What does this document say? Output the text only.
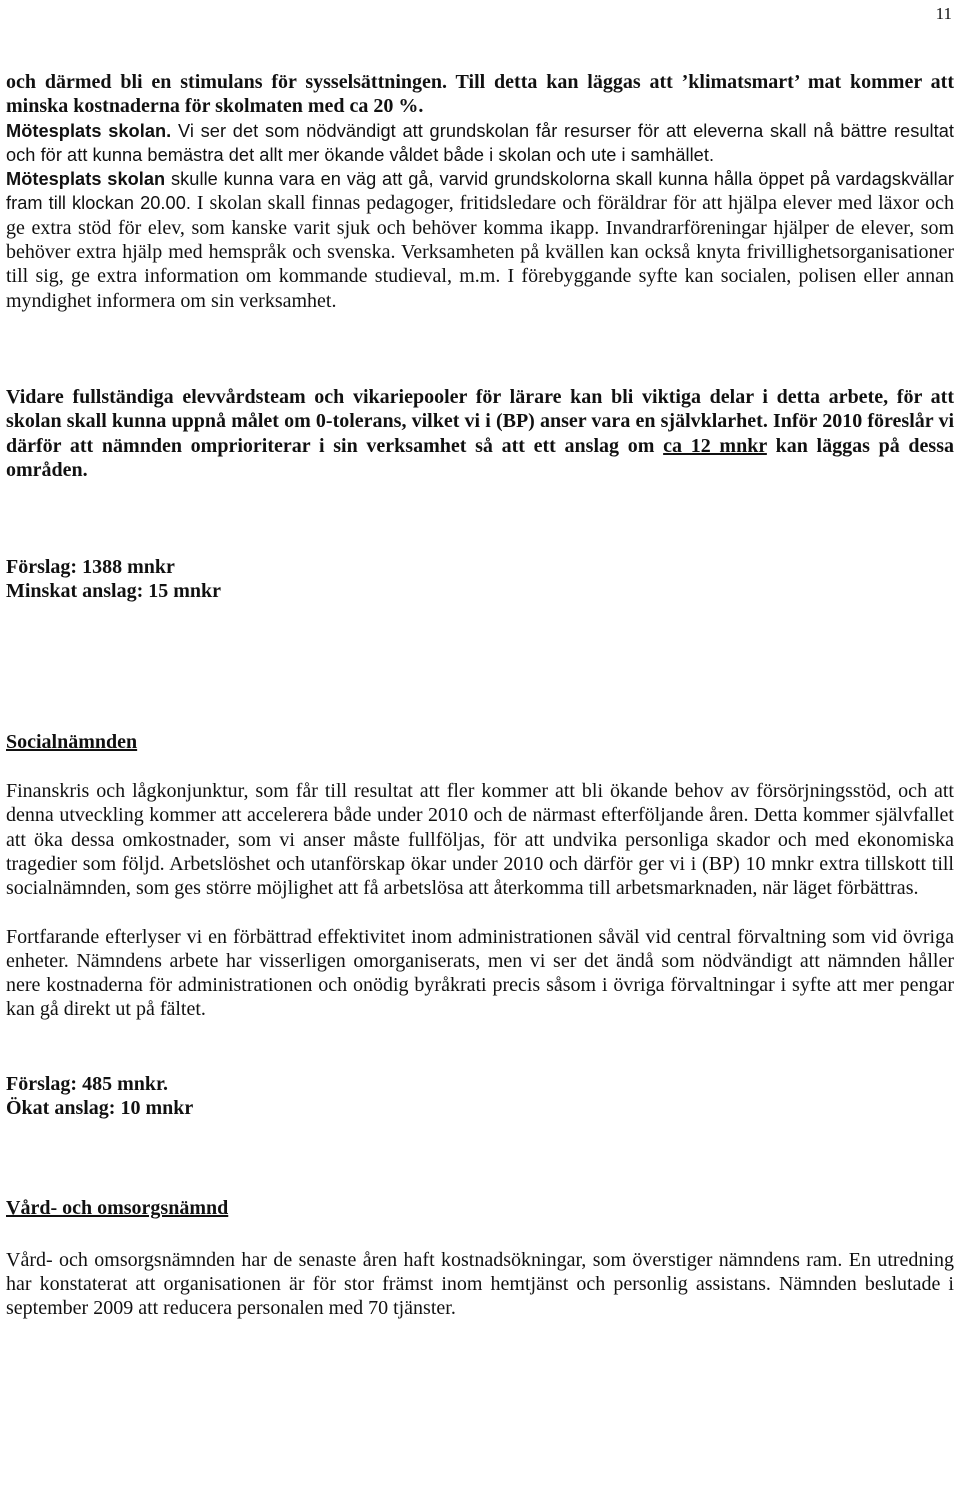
11

och därmed bli en stimulans för sysselsättningen. Till detta kan läggas att ’klimatsmart’ mat kommer att minska kostnaderna för skolmaten med ca 20 %.

Mötesplats skolan. Vi ser det som nödvändigt att grundskolan får resurser för att eleverna skall nå bättre resultat och för att kunna bemästra det allt mer ökande våldet både i skolan och ute i samhället.

Mötesplats skolan skulle kunna vara en väg att gå, varvid grundskolorna skall kunna hålla öppet på vardagskvällar fram till klockan 20.00. I skolan skall finnas pedagoger, fritidsledare och föräldrar för att hjälpa elever med läxor och ge extra stöd för elev, som kanske varit sjuk och behöver komma ikapp. Invandrarföreningar hjälper de elever, som behöver extra hjälp med hemspråk och svenska. Verksamheten på kvällen kan också knyta frivillighetsorganisationer till sig, ge extra information om kommande studieval, m.m. I förebyggande syfte kan socialen, polisen eller annan myndighet informera om sin verksamhet.

Vidare fullständiga elevvårdsteam och vikariepooler för lärare kan bli viktiga delar i detta arbete, för att skolan skall kunna uppnå målet om 0-tolerans, vilket vi i (BP) anser vara en självklarhet. Inför 2010 föreslår vi därför att nämnden omprioriterar i sin verksamhet så att ett anslag om ca 12 mnkr kan läggas på dessa områden.

Förslag: 1388 mnkr

Minskat anslag: 15 mnkr

Socialnämnden

Finanskris och lågkonjunktur, som får till resultat att fler kommer att bli ökande behov av försörjningsstöd, och att denna utveckling kommer att accelerera både under 2010 och de närmast efterföljande åren. Detta kommer självfallet att öka dessa omkostnader, som vi anser måste fullföljas, för att undvika personliga skador och med ekonomiska tragedier som följd. Arbetslöshet och utanförskap ökar under 2010 och därför ger vi i (BP) 10 mnkr extra tillskott till socialnämnden, som ges större möjlighet att få arbetslösa att återkomma till arbetsmarknaden, när läget förbättras.

Fortfarande efterlyser vi en förbättrad effektivitet inom administrationen såväl vid central förvaltning som vid övriga enheter. Nämndens arbete har visserligen omorganiserats, men vi ser det ändå som nödvändigt att nämnden håller nere kostnaderna för administrationen och onödig byråkrati precis såsom i övriga förvaltningar i syfte att mer pengar kan gå direkt ut på fältet.

Förslag: 485 mnkr.

Ökat anslag: 10 mnkr

Vård- och omsorgsnämnd

Vård- och omsorgsnämnden har de senaste åren haft kostnadsökningar, som överstiger nämndens ram. En utredning har konstaterat att organisationen är för stor främst inom hemtjänst och personlig assistans. Nämnden beslutade i september 2009 att reducera personalen med 70 tjänster.
